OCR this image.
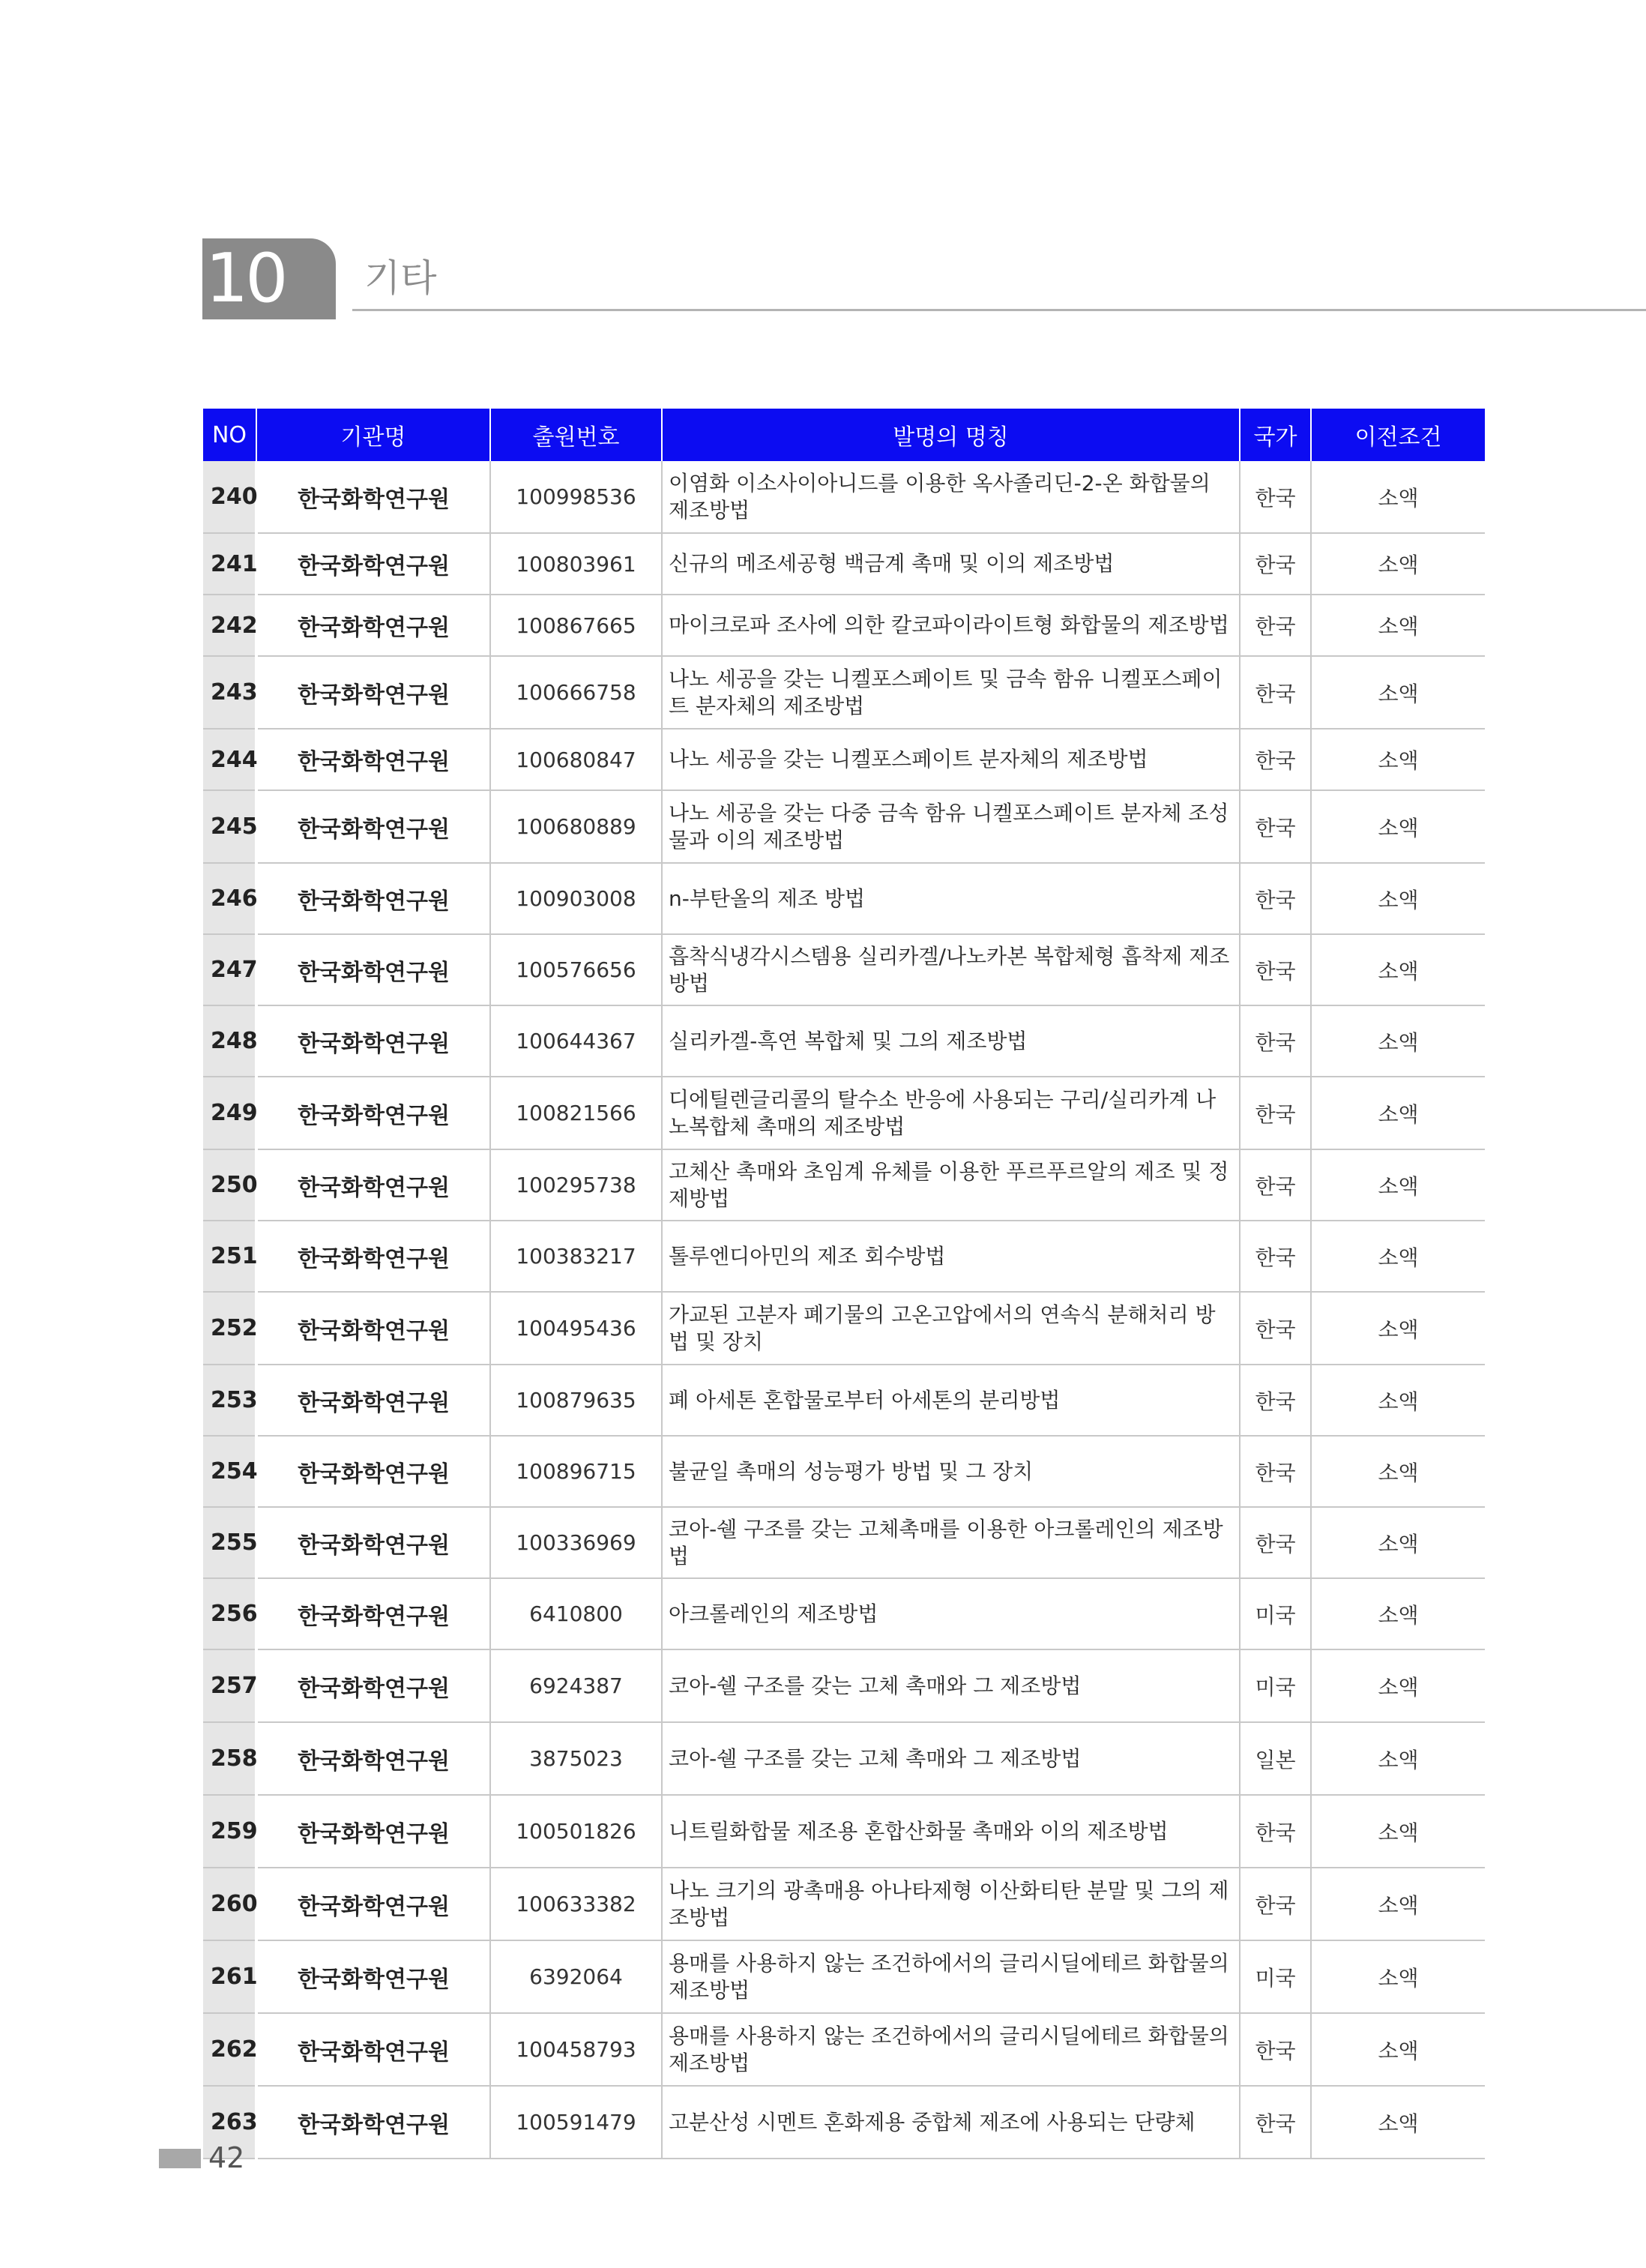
10	기타
NO	기관명	출원번호	발명의 명칭	국가	이전조건
240	한국화학연구원	100998536	이염화 이소사이아니드를 이용한 옥사졸리딘-2-온 화합물의 제조방법	한국	소액
241	한국화학연구원	100803961	신규의 메조세공형 백금계 촉매 및 이의 제조방법	한국	소액
242	한국화학연구원	100867665	마이크로파 조사에 의한 칼코파이라이트형 화합물의 제조방법	한국	소액
243	한국화학연구원	100666758	나노 세공을 갖는 니켈포스페이트 및 금속 함유 니켈포스페이트 분자체의 제조방법	한국	소액
244	한국화학연구원	100680847	나노 세공을 갖는 니켈포스페이트 분자체의 제조방법	한국	소액
245	한국화학연구원	100680889	나노 세공을 갖는 다중 금속 함유 니켈포스페이트 분자체 조성물과 이의 제조방법	한국	소액
246	한국화학연구원	100903008	n-부탄올의 제조 방법	한국	소액
247	한국화학연구원	100576656	흡착식냉각시스템용 실리카겔/나노카본 복합체형 흡착제 제조 방법	한국	소액
248	한국화학연구원	100644367	실리카겔-흑연 복합체 및 그의 제조방법	한국	소액
249	한국화학연구원	100821566	디에틸렌글리콜의 탈수소 반응에 사용되는 구리/실리카계 나노복합체 촉매의 제조방법	한국	소액
250	한국화학연구원	100295738	고체산 촉매와 초임계 유체를 이용한 푸르푸르알의 제조 및 정제방법	한국	소액
251	한국화학연구원	100383217	톨루엔디아민의 제조 회수방법	한국	소액
252	한국화학연구원	100495436	가교된 고분자 폐기물의 고온고압에서의 연속식 분해처리 방법 및 장치	한국	소액
253	한국화학연구원	100879635	폐 아세톤 혼합물로부터 아세톤의 분리방법	한국	소액
254	한국화학연구원	100896715	불균일 촉매의 성능평가 방법 및 그 장치	한국	소액
255	한국화학연구원	100336969	코아-쉘 구조를 갖는 고체촉매를 이용한 아크롤레인의 제조방법	한국	소액
256	한국화학연구원	6410800	아크롤레인의 제조방법	미국	소액
257	한국화학연구원	6924387	코아-쉘 구조를 갖는 고체 촉매와 그 제조방법	미국	소액
258	한국화학연구원	3875023	코아-쉘 구조를 갖는 고체 촉매와 그 제조방법	일본	소액
259	한국화학연구원	100501826	니트릴화합물 제조용 혼합산화물 촉매와 이의 제조방법	한국	소액
260	한국화학연구원	100633382	나노 크기의 광촉매용 아나타제형 이산화티탄 분말 및 그의 제조방법	한국	소액
261	한국화학연구원	6392064	용매를 사용하지 않는 조건하에서의 글리시딜에테르 화합물의 제조방법	미국	소액
262	한국화학연구원	100458793	용매를 사용하지 않는 조건하에서의 글리시딜에테르 화합물의 제조방법	한국	소액
263	한국화학연구원	100591479	고분산성 시멘트 혼화제용 중합체 제조에 사용되는 단량체	한국	소액
42
